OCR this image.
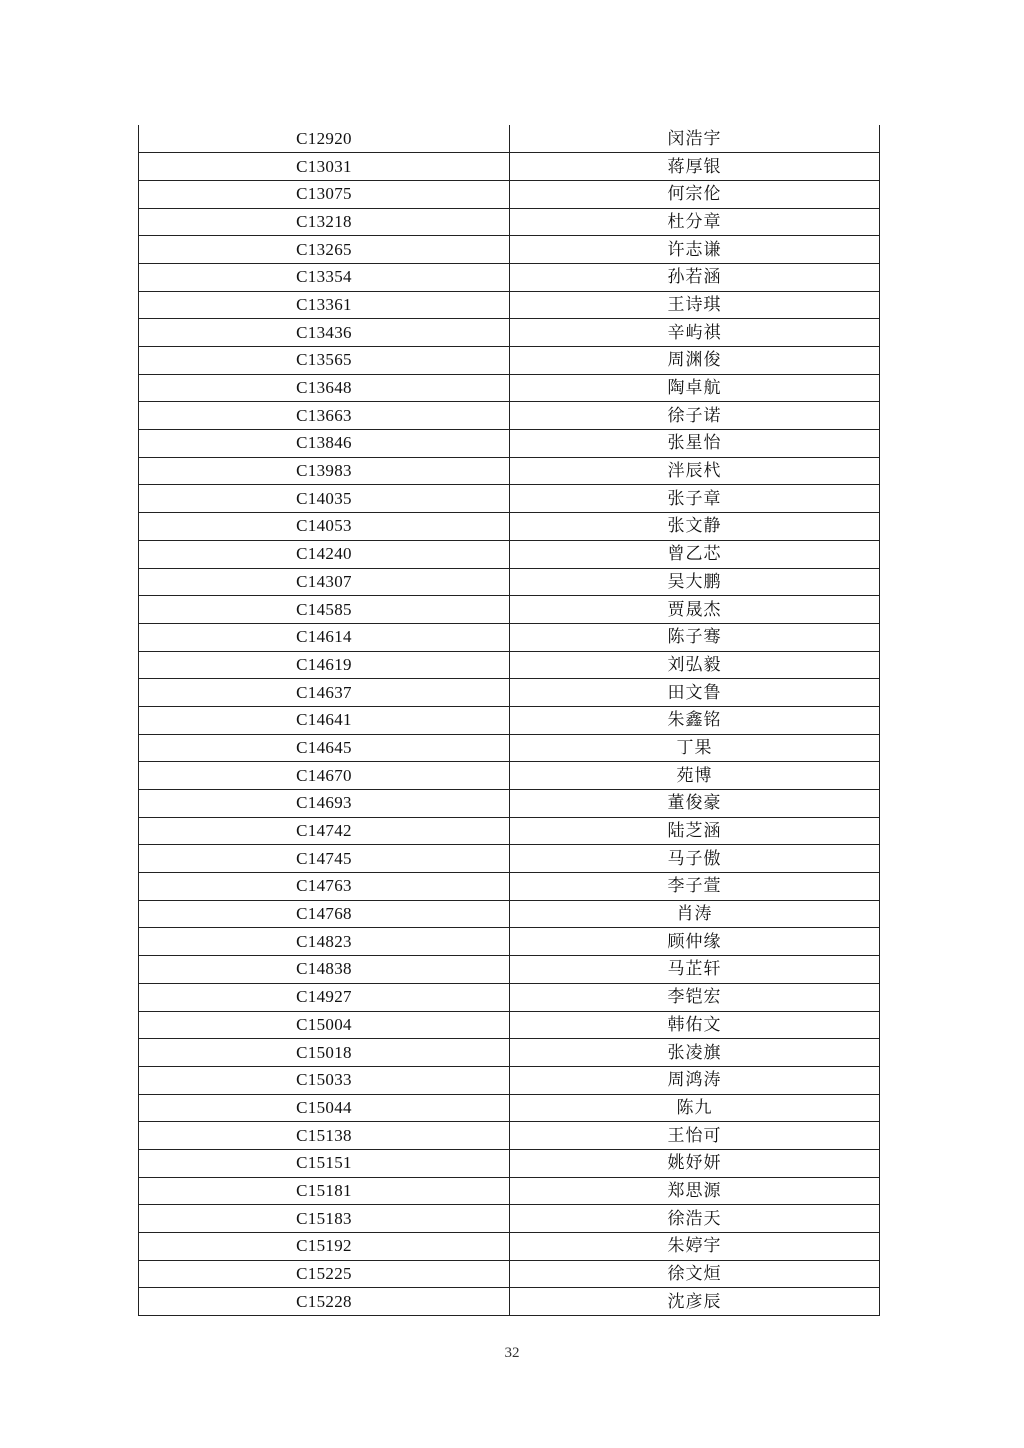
C12920	闵浩宇
C13031	蒋厚银
C13075	何宗伦
C13218	杜分章
C13265	许志谦
C13354	孙若涵
C13361	王诗琪
C13436	辛屿祺
C13565	周渊俊
C13648	陶卓航
C13663	徐子诺
C13846	张星怡
C13983	泮辰杙
C14035	张子章
C14053	张文静
C14240	曾乙芯
C14307	吴大鹏
C14585	贾晟杰
C14614	陈子骞
C14619	刘弘毅
C14637	田文鲁
C14641	朱鑫铭
C14645	丁果
C14670	苑博
C14693	董俊豪
C14742	陆芝涵
C14745	马子傲
C14763	李子萱
C14768	肖涛
C14823	顾仲缘
C14838	马芷轩
C14927	李铠宏
C15004	韩佑文
C15018	张凌旗
C15033	周鸿涛
C15044	陈九
C15138	王怡可
C15151	姚妤妍
C15181	郑思源
C15183	徐浩天
C15192	朱婷宇
C15225	徐文烜
C15228	沈彦辰
32
